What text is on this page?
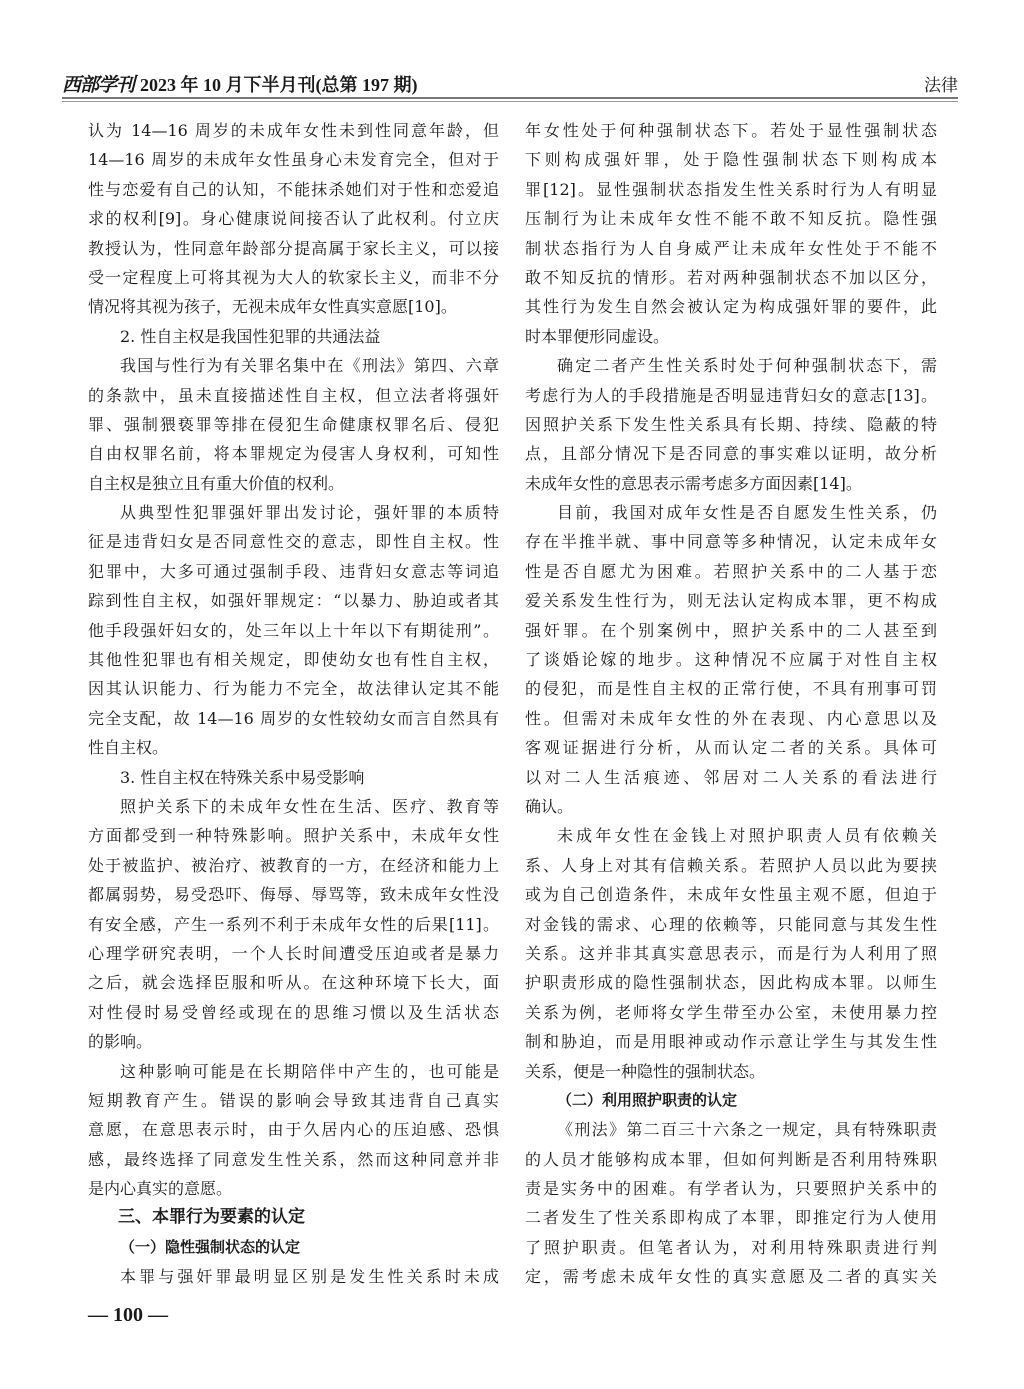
西部学刊 2023 年 10 月下半月刊(总第 197 期)	法律
认为 14—16 周岁的未成年女性未到性同意年龄，但
14—16 周岁的未成年女性虽身心未发育完全，但对于
性与恋爱有自己的认知，不能抹杀她们对于性和恋爱追
求的权利[9]。身心健康说间接否认了此权利。付立庆
教授认为，性同意年龄部分提高属于家长主义，可以接
受一定程度上可将其视为大人的软家长主义，而非不分
情况将其视为孩子，无视未成年女性真实意愿[10]。
2. 性自主权是我国性犯罪的共通法益
我国与性行为有关罪名集中在《刑法》第四、六章
的条款中，虽未直接描述性自主权，但立法者将强奸
罪、强制猥亵罪等排在侵犯生命健康权罪名后、侵犯
自由权罪名前，将本罪规定为侵害人身权利，可知性
自主权是独立且有重大价值的权利。
从典型性犯罪强奸罪出发讨论，强奸罪的本质特
征是违背妇女是否同意性交的意志，即性自主权。性
犯罪中，大多可通过强制手段、违背妇女意志等词追
踪到性自主权，如强奸罪规定：“以暴力、胁迫或者其
他手段强奸妇女的，处三年以上十年以下有期徒刑”。
其他性犯罪也有相关规定，即使幼女也有性自主权，
因其认识能力、行为能力不完全，故法律认定其不能
完全支配，故 14—16 周岁的女性较幼女而言自然具有
性自主权。
3. 性自主权在特殊关系中易受影响
照护关系下的未成年女性在生活、医疗、教育等
方面都受到一种特殊影响。照护关系中，未成年女性
处于被监护、被治疗、被教育的一方，在经济和能力上
都属弱势，易受恐吓、侮辱、辱骂等，致未成年女性没
有安全感，产生一系列不利于未成年女性的后果[11]。
心理学研究表明，一个人长时间遭受压迫或者是暴力
之后，就会选择臣服和听从。在这种环境下长大，面
对性侵时易受曾经或现在的思维习惯以及生活状态
的影响。
这种影响可能是在长期陪伴中产生的，也可能是
短期教育产生。错误的影响会导致其违背自己真实
意愿，在意思表示时，由于久居内心的压迫感、恐惧
感，最终选择了同意发生性关系，然而这种同意并非
是内心真实的意愿。
三、本罪行为要素的认定
（一）隐性强制状态的认定
本罪与强奸罪最明显区别是发生性关系时未成
年女性处于何种强制状态下。若处于显性强制状态
下则构成强奸罪，处于隐性强制状态下则构成本
罪[12]。显性强制状态指发生性关系时行为人有明显
压制行为让未成年女性不能不敢不知反抗。隐性强
制状态指行为人自身威严让未成年女性处于不能不
敢不知反抗的情形。若对两种强制状态不加以区分，
其性行为发生自然会被认定为构成强奸罪的要件，此
时本罪便形同虚设。
确定二者产生性关系时处于何种强制状态下，需
考虑行为人的手段措施是否明显违背妇女的意志[13]。
因照护关系下发生性关系具有长期、持续、隐蔽的特
点，且部分情况下是否同意的事实难以证明，故分析
未成年女性的意思表示需考虑多方面因素[14]。
目前，我国对成年女性是否自愿发生性关系，仍
存在半推半就、事中同意等多种情况，认定未成年女
性是否自愿尤为困难。若照护关系中的二人基于恋
爱关系发生性行为，则无法认定构成本罪，更不构成
强奸罪。在个别案例中，照护关系中的二人甚至到
了谈婚论嫁的地步。这种情况不应属于对性自主权
的侵犯，而是性自主权的正常行使，不具有刑事可罚
性。但需对未成年女性的外在表现、内心意思以及
客观证据进行分析，从而认定二者的关系。具体可
以对二人生活痕迹、邻居对二人关系的看法进行
确认。
未成年女性在金钱上对照护职责人员有依赖关
系、人身上对其有信赖关系。若照护人员以此为要挟
或为自己创造条件，未成年女性虽主观不愿，但迫于
对金钱的需求、心理的依赖等，只能同意与其发生性
关系。这并非其真实意思表示，而是行为人利用了照
护职责形成的隐性强制状态，因此构成本罪。以师生
关系为例，老师将女学生带至办公室，未使用暴力控
制和胁迫，而是用眼神或动作示意让学生与其发生性
关系，便是一种隐性的强制状态。
（二）利用照护职责的认定
《刑法》第二百三十六条之一规定，具有特殊职责
的人员才能够构成本罪，但如何判断是否利用特殊职
责是实务中的困难。有学者认为，只要照护关系中的
二者发生了性关系即构成了本罪，即推定行为人使用
了照护职责。但笔者认为，对利用特殊职责进行判
定，需考虑未成年女性的真实意愿及二者的真实关
— 100 —
